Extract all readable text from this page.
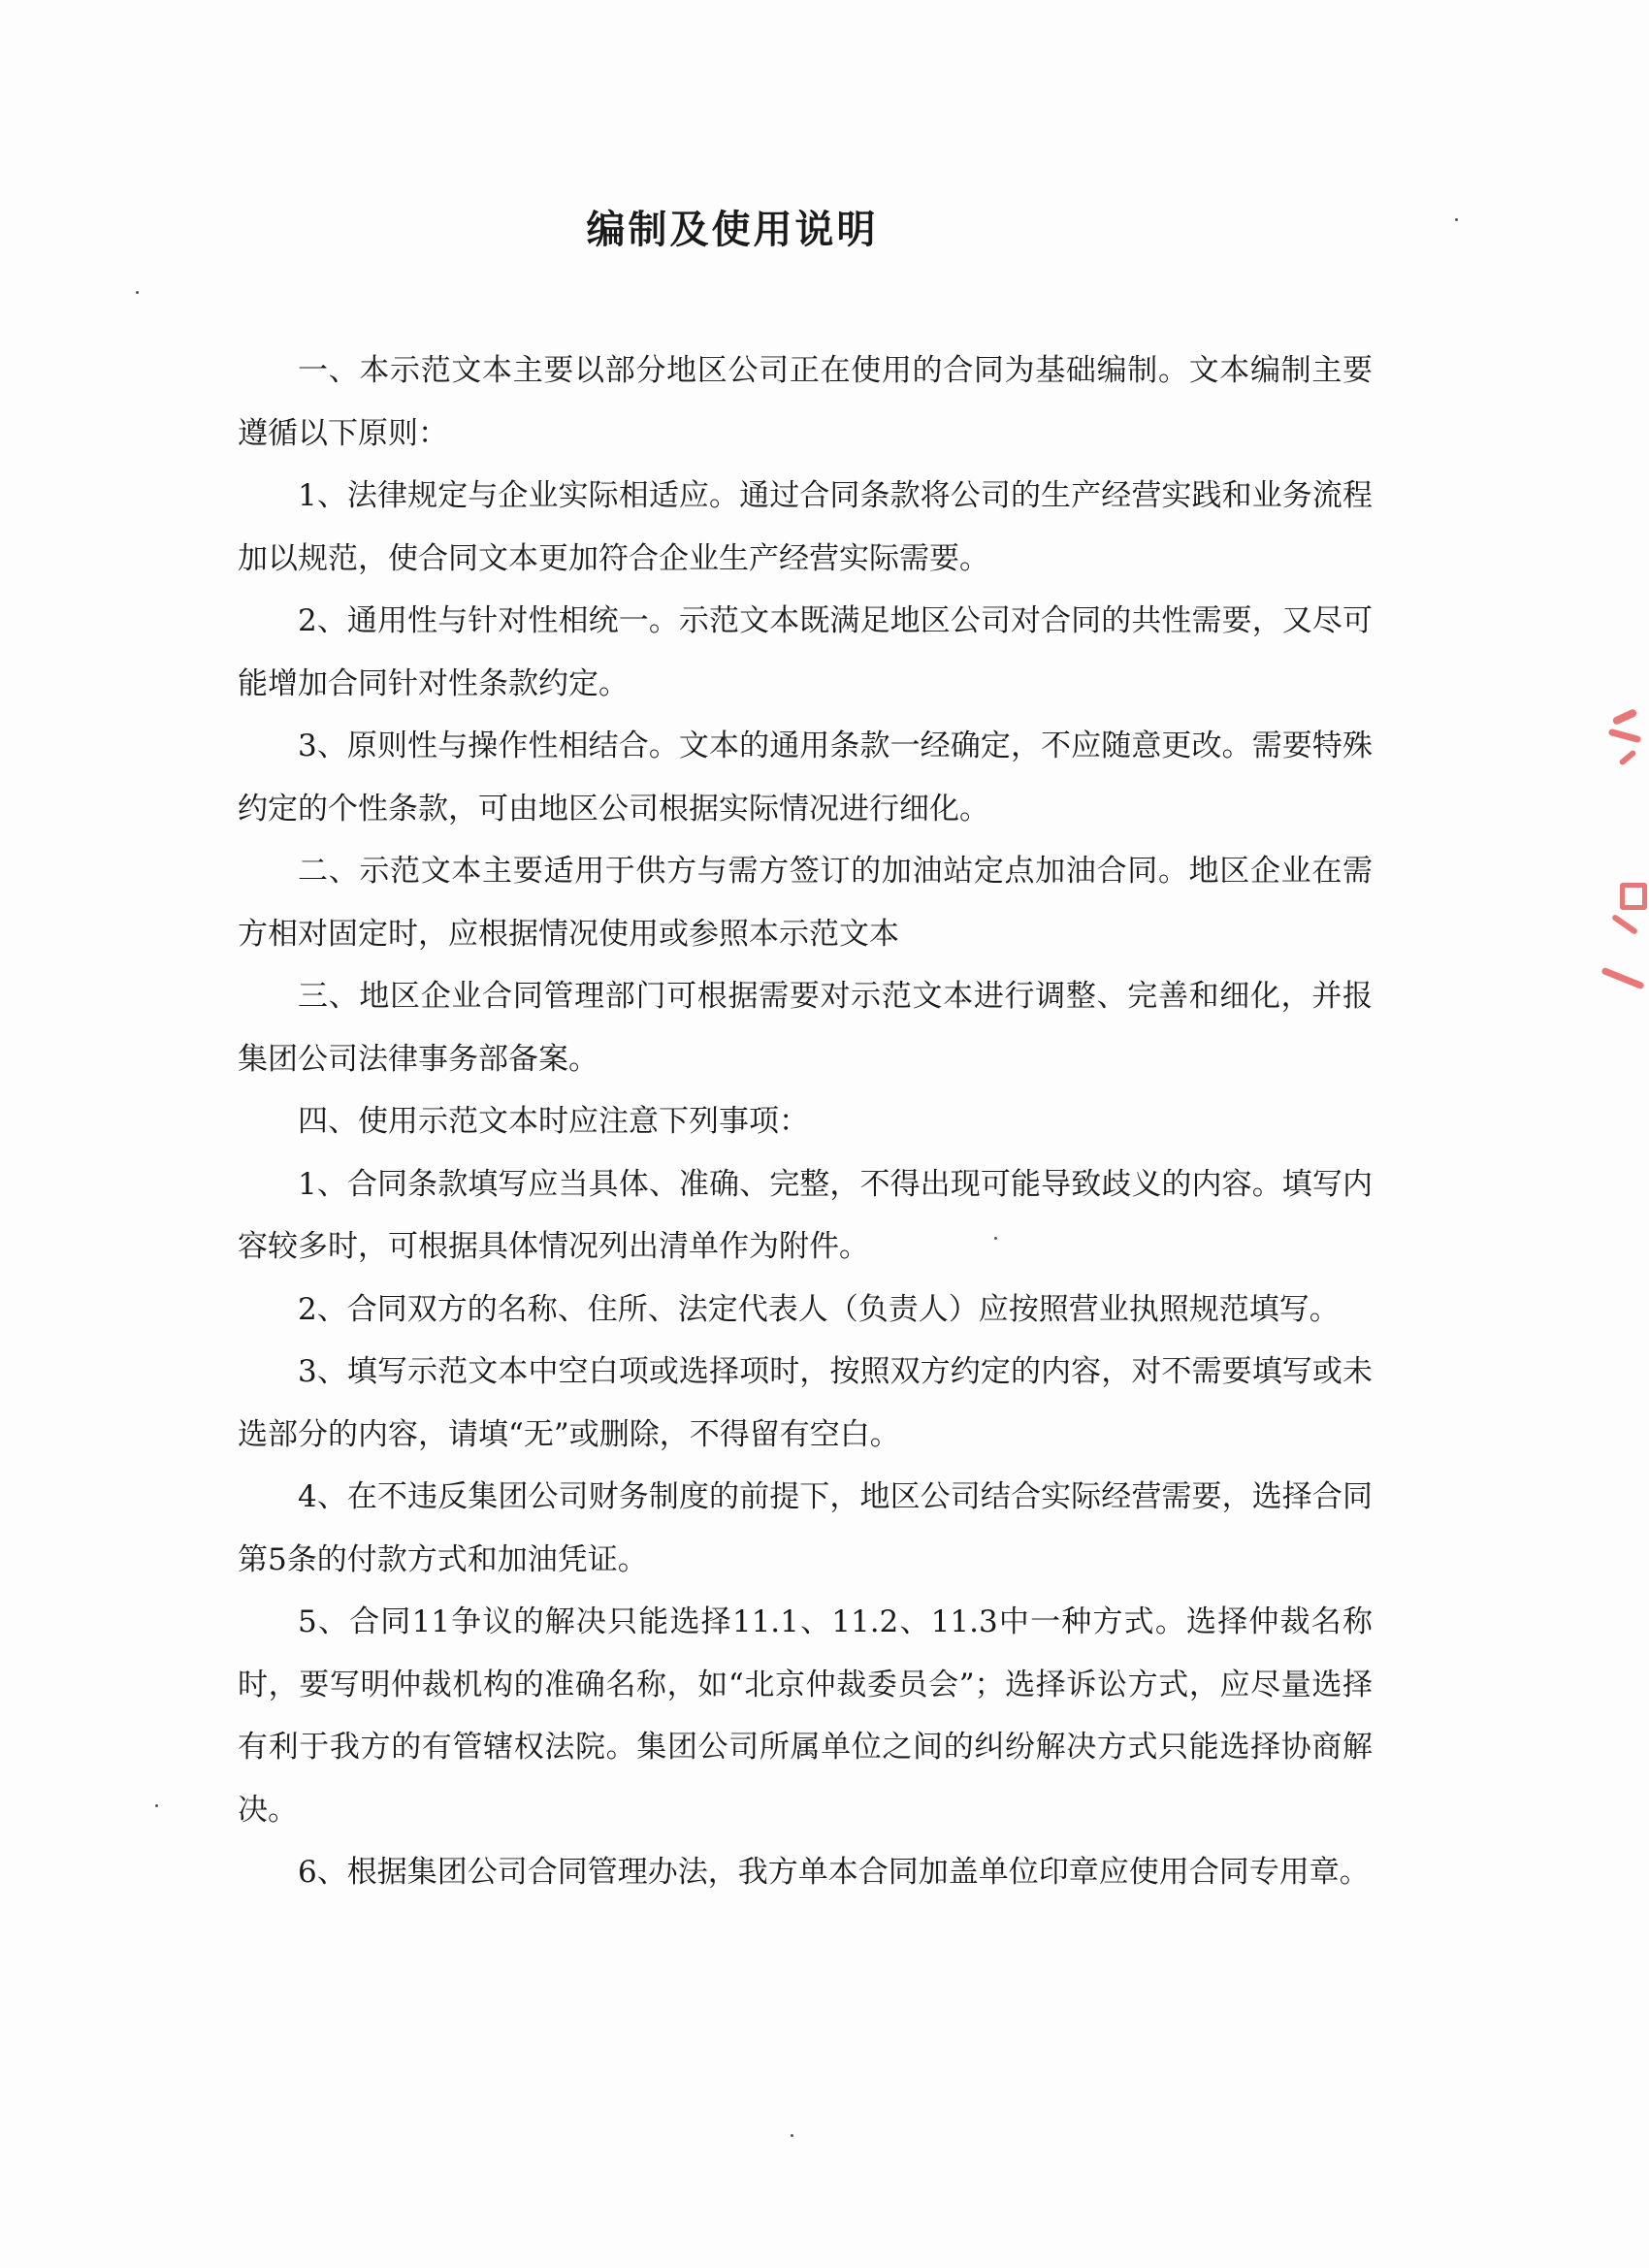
编制及使用说明

一、本示范文本主要以部分地区公司正在使用的合同为基础编制。文本编制主要遵循以下原则：

1、法律规定与企业实际相适应。通过合同条款将公司的生产经营实践和业务流程加以规范，使合同文本更加符合企业生产经营实际需要。

2、通用性与针对性相统一。示范文本既满足地区公司对合同的共性需要，又尽可能增加合同针对性条款约定。

3、原则性与操作性相结合。文本的通用条款一经确定，不应随意更改。需要特殊约定的个性条款，可由地区公司根据实际情况进行细化。

二、示范文本主要适用于供方与需方签订的加油站定点加油合同。地区企业在需方相对固定时，应根据情况使用或参照本示范文本

三、地区企业合同管理部门可根据需要对示范文本进行调整、完善和细化，并报集团公司法律事务部备案。

四、使用示范文本时应注意下列事项：

1、合同条款填写应当具体、准确、完整，不得出现可能导致歧义的内容。填写内容较多时，可根据具体情况列出清单作为附件。

2、合同双方的名称、住所、法定代表人（负责人）应按照营业执照规范填写。

3、填写示范文本中空白项或选择项时，按照双方约定的内容，对不需要填写或未选部分的内容，请填“无”或删除，不得留有空白。

4、在不违反集团公司财务制度的前提下，地区公司结合实际经营需要，选择合同第5条的付款方式和加油凭证。

5、合同11争议的解决只能选择11.1、11.2、11.3中一种方式。选择仲裁名称时，要写明仲裁机构的准确名称，如“北京仲裁委员会”；选择诉讼方式，应尽量选择有利于我方的有管辖权法院。集团公司所属单位之间的纠纷解决方式只能选择协商解决。

6、根据集团公司合同管理办法，我方单本合同加盖单位印章应使用合同专用章。
